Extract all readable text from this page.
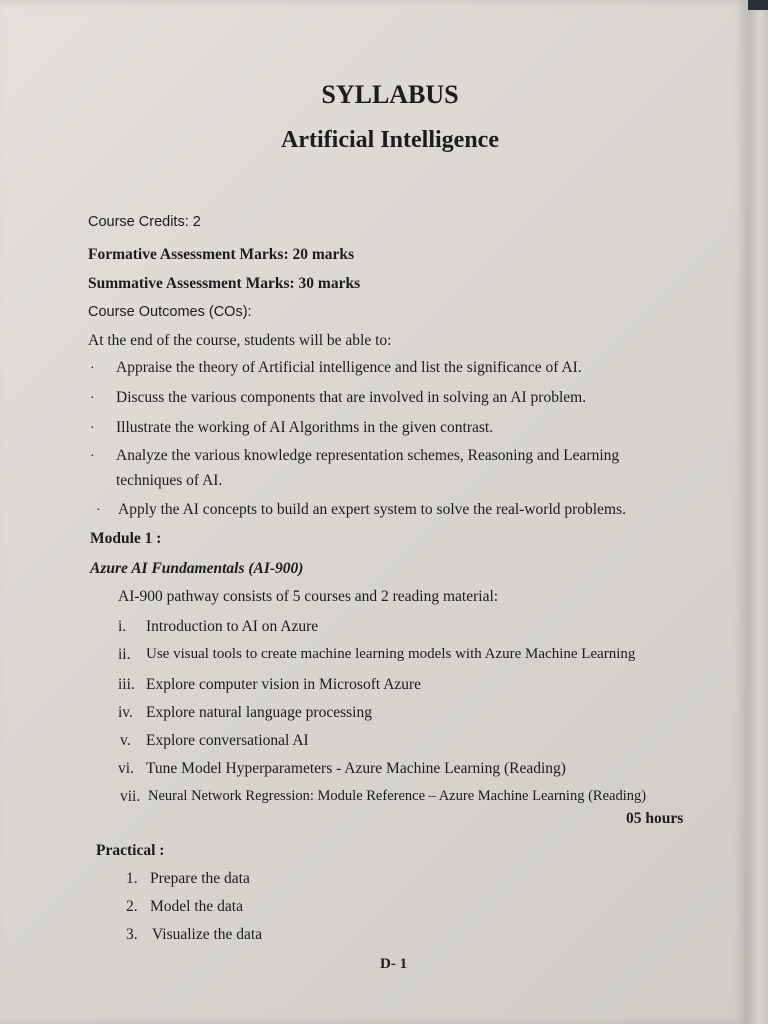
SYLLABUS
Artificial Intelligence

Course Credits: 2

Formative Assessment Marks: 20 marks

Summative Assessment Marks: 30 marks

Course Outcomes (COs):

At the end of the course, students will be able to:

· Appraise the theory of Artificial intelligence and list the significance of AI.
· Discuss the various components that are involved in solving an AI problem.
· Illustrate the working of AI Algorithms in the given contrast.
· Analyze the various knowledge representation schemes, Reasoning and Learning
techniques of AI.
· Apply the AI concepts to build an expert system to solve the real-world problems.

Module 1 :

Azure AI Fundamentals (AI-900)

AI-900 pathway consists of 5 courses and 2 reading material:

i. Introduction to AI on Azure
ii. Use visual tools to create machine learning models with Azure Machine Learning
iii. Explore computer vision in Microsoft Azure
iv. Explore natural language processing
v. Explore conversational AI
vi. Tune Model Hyperparameters - Azure Machine Learning (Reading)
vii. Neural Network Regression: Module Reference – Azure Machine Learning (Reading)

05 hours

Practical :

1. Prepare the data
2. Model the data
3. Visualize the data
D- 1
